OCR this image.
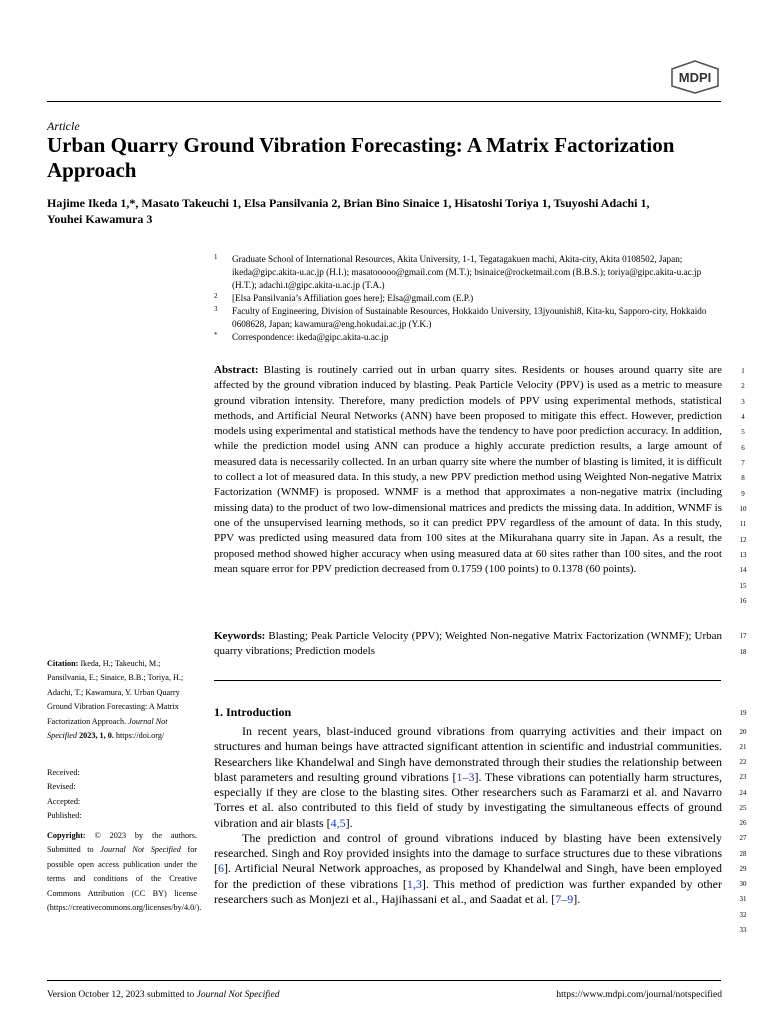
MDPI
Article
Urban Quarry Ground Vibration Forecasting: A Matrix Factorization Approach
Hajime Ikeda 1,*, Masato Takeuchi 1, Elsa Pansilvania 2, Brian Bino Sinaice 1, Hisatoshi Toriya 1, Tsuyoshi Adachi 1,
Youhei Kawamura 3
1 Graduate School of International Resources, Akita University, 1-1, Tegatagakuen machi, Akita-city, Akita 0108502, Japan; ikeda@gipc.akita-u.ac.jp (H.I.); masatooooo@gmail.com (M.T.); bsinaice@rocketmail.com (B.B.S.); toriya@gipc.akita-u.ac.jp (H.T.); adachi.t@gipc.akita-u.ac.jp (T.A.)
2 [Elsa Pansilvania’s Affiliation goes here]; Elsa@gmail.com (E.P.)
3 Faculty of Engineering, Division of Sustainable Resources, Hokkaido University, 13jyounishi8, Kita-ku, Sapporo-city, Hokkaido 0608628, Japan; kawamura@eng.hokudai.ac.jp (Y.K.)
* Correspondence: ikeda@gipc.akita-u.ac.jp
Abstract: Blasting is routinely carried out in urban quarry sites. Residents or houses around quarry site are affected by the ground vibration induced by blasting. Peak Particle Velocity (PPV) is used as a metric to measure ground vibration intensity. Therefore, many prediction models of PPV using experimental methods, statistical methods, and Artificial Neural Networks (ANN) have been proposed to mitigate this effect. However, prediction models using experimental and statistical methods have the tendency to have poor prediction accuracy. In addition, while the prediction model using ANN can produce a highly accurate prediction results, a large amount of measured data is necessarily collected. In an urban quarry site where the number of blasting is limited, it is difficult to collect a lot of measured data. In this study, a new PPV prediction method using Weighted Non-negative Matrix Factorization (WNMF) is proposed. WNMF is a method that approximates a non-negative matrix (including missing data) to the product of two low-dimensional matrices and predicts the missing data. In addition, WNMF is one of the unsupervised learning methods, so it can predict PPV regardless of the amount of data. In this study, PPV was predicted using measured data from 100 sites at the Mikurahana quarry site in Japan. As a result, the proposed method showed higher accuracy when using measured data at 60 sites rather than 100 sites, and the root mean square error for PPV prediction decreased from 0.1759 (100 points) to 0.1378 (60 points).
Keywords: Blasting; Peak Particle Velocity (PPV); Weighted Non-negative Matrix Factorization (WNMF); Urban quarry vibrations; Prediction models
1. Introduction

In recent years, blast-induced ground vibrations from quarrying activities and their impact on structures and human beings have attracted significant attention in scientific and industrial communities. Researchers like Khandelwal and Singh have demonstrated through their studies the relationship between blast parameters and resulting ground vibrations [1–3]. These vibrations can potentially harm structures, especially if they are close to the blasting sites. Other researchers such as Faramarzi et al. and Navarro Torres et al. also contributed to this field of study by investigating the simultaneous effects of ground vibration and air blasts [4,5].

The prediction and control of ground vibrations induced by blasting have been extensively researched. Singh and Roy provided insights into the damage to surface structures due to these vibrations [6]. Artificial Neural Network approaches, as proposed by Khandelwal and Singh, have been employed for the prediction of these vibrations [1,3]. This method of prediction was further expanded by other researchers such as Monjezi et al., Hajihassani et al., and Saadat et al. [7–9].

1
2
3
4
5
6
7
8
9
10
11
12
13
14
15
16
17
18
19
20
21
22
23
24
25
26
27
28
29
30
31
32
33

Citation: Ikeda, H.; Takeuchi, M.; Pansilvania, E.; Sinaice, B.B.; Toriya, H.; Adachi, T.; Kawamura, Y. Urban Quarry Ground Vibration Forecasting: A Matrix Factorization Approach. Journal Not Specified 2023, 1, 0. https://doi.org/

Received:

Revised:

Accepted:

Published:

Copyright: © 2023 by the authors. Submitted to Journal Not Specified for possible open access publication under the terms and conditions of the Creative Commons Attribution (CC BY) license (https://creativecommons.org/licenses/by/4.0/).

Version October 12, 2023 submitted to Journal Not Specified	https://www.mdpi.com/journal/notspecified
